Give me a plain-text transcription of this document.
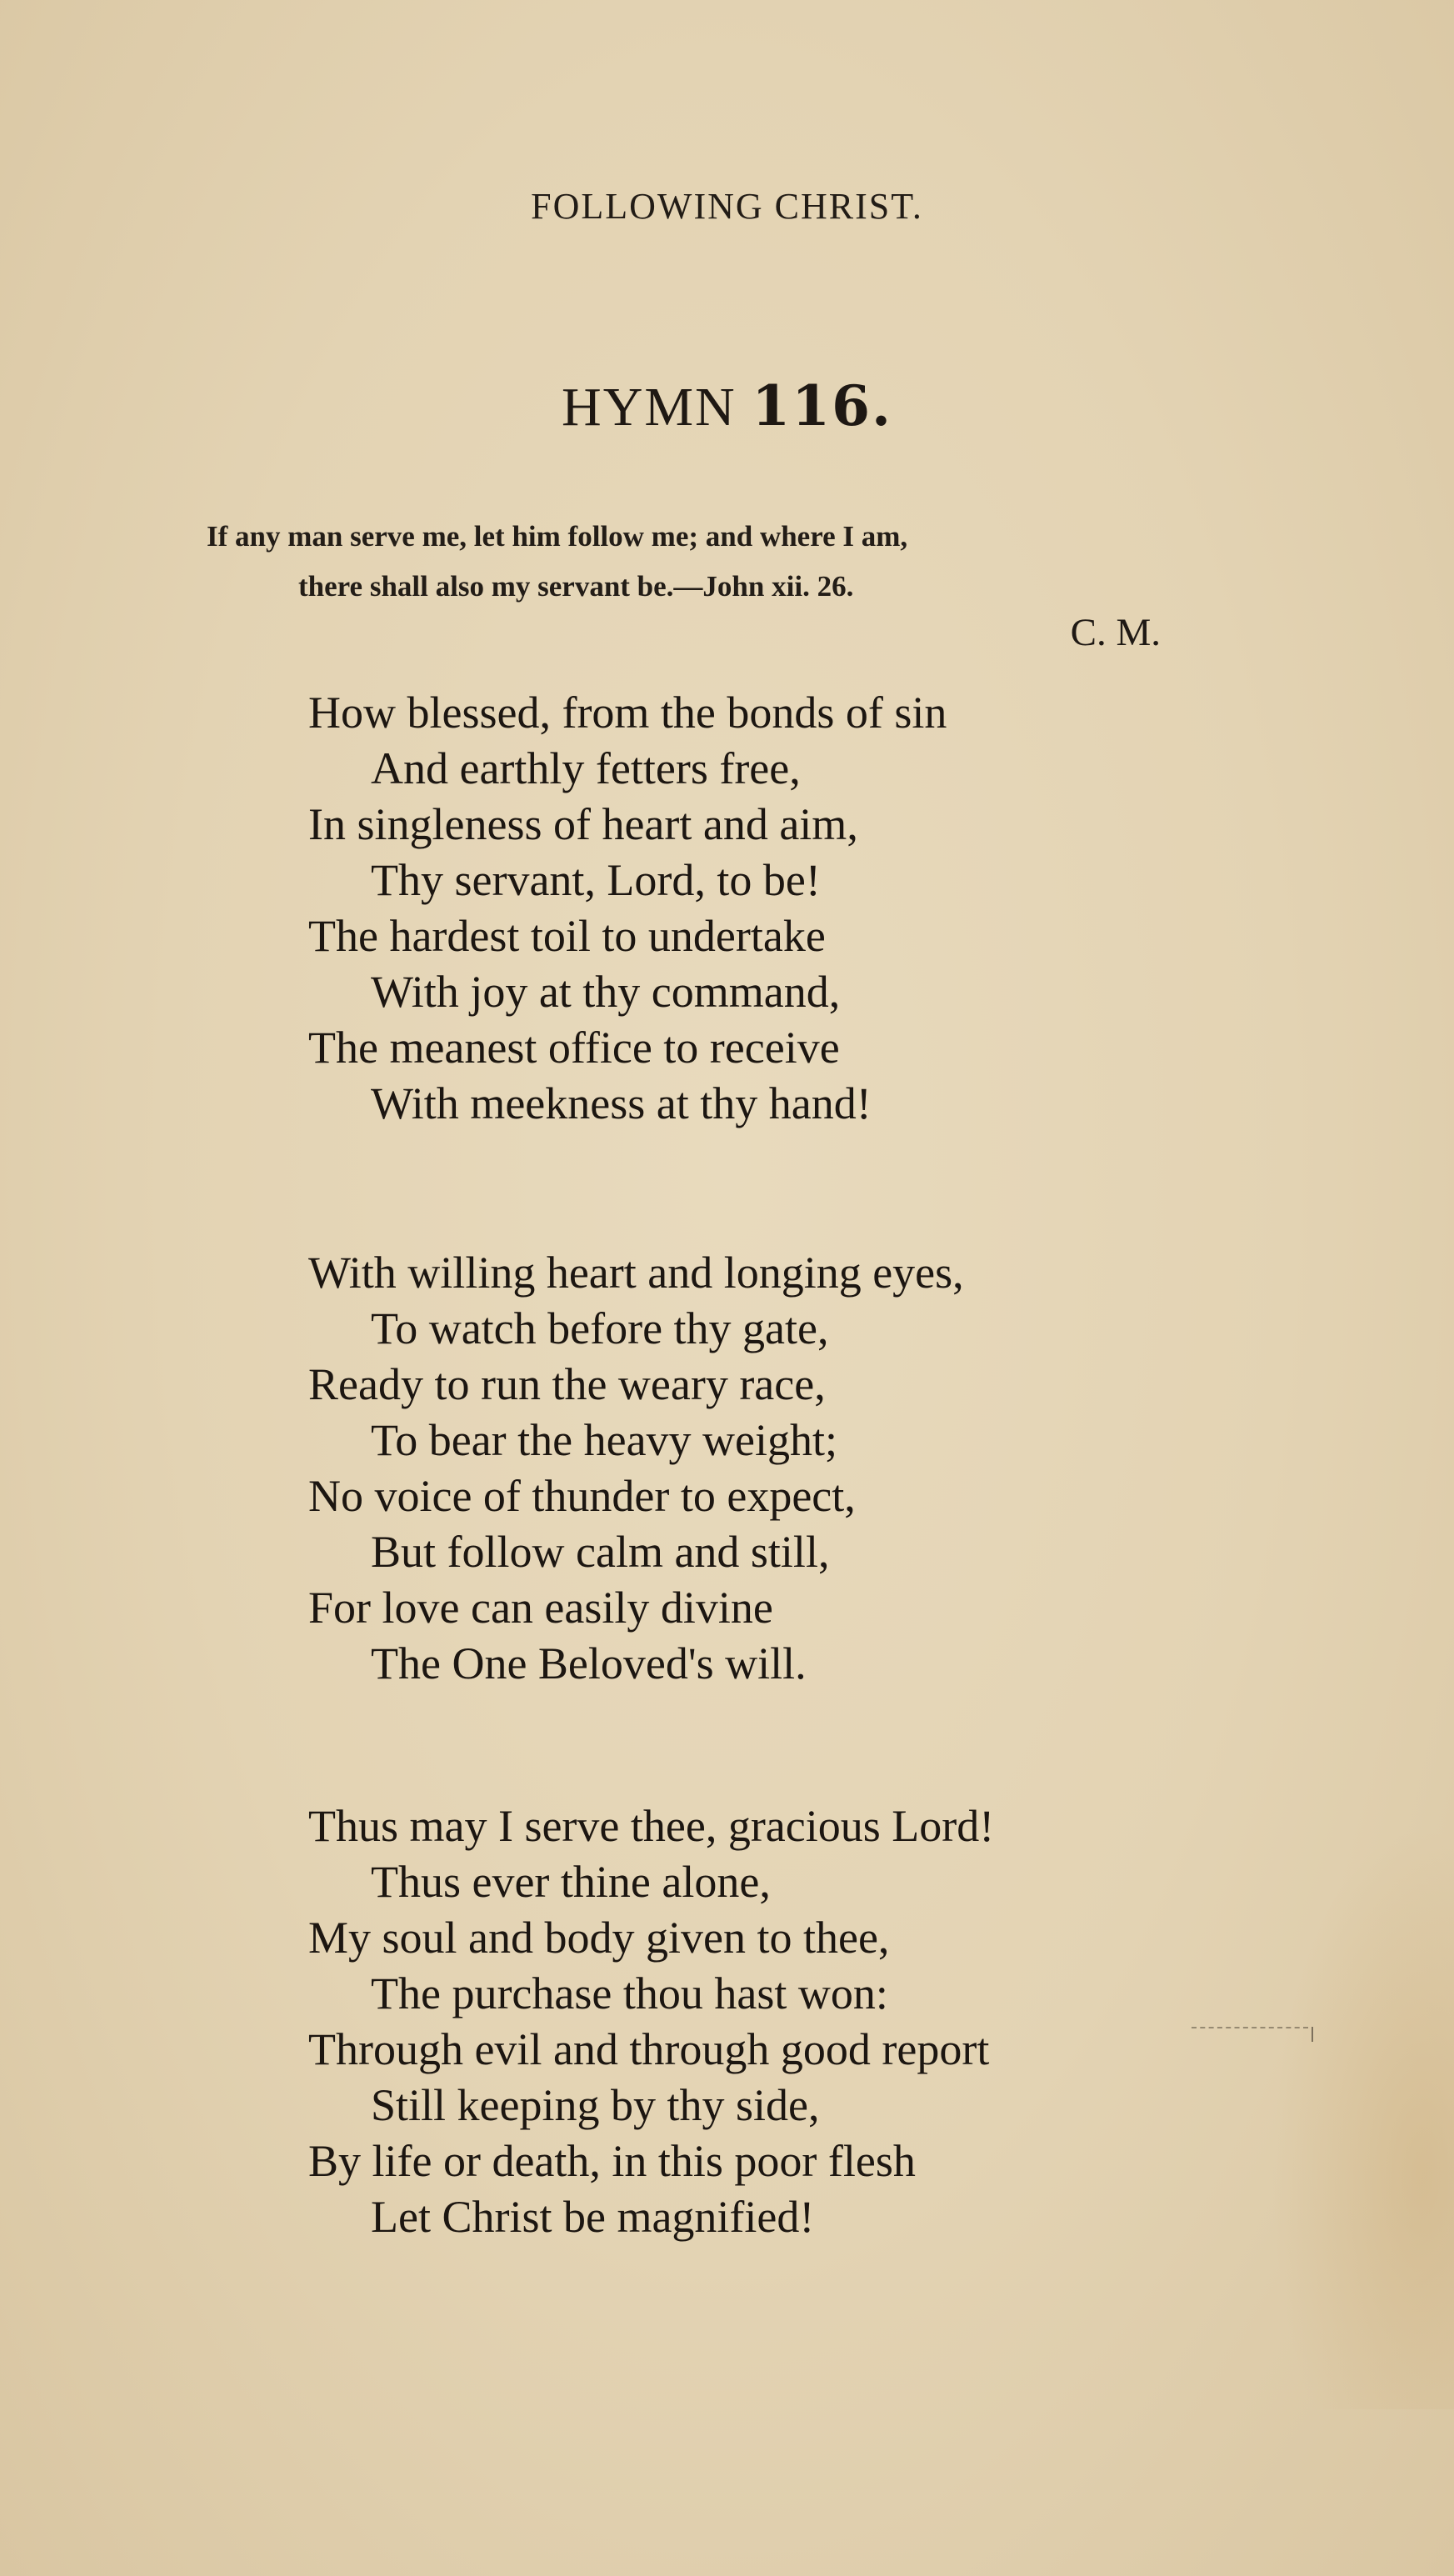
FOLLOWING CHRIST.
HYMN 116.
If any man serve me, let him follow me; and where I am,
there shall also my servant be.—John xii. 26.
C. M.
How blessed, from the bonds of sin
And earthly fetters free,
In singleness of heart and aim,
Thy servant, Lord, to be!
The hardest toil to undertake
With joy at thy command,
The meanest office to receive
With meekness at thy hand!
With willing heart and longing eyes,
To watch before thy gate,
Ready to run the weary race,
To bear the heavy weight;
No voice of thunder to expect,
But follow calm and still,
For love can easily divine
The One Beloved's will.
Thus may I serve thee, gracious Lord!
Thus ever thine alone,
My soul and body given to thee,
The purchase thou hast won:
Through evil and through good report
Still keeping by thy side,
By life or death, in this poor flesh
Let Christ be magnified!
